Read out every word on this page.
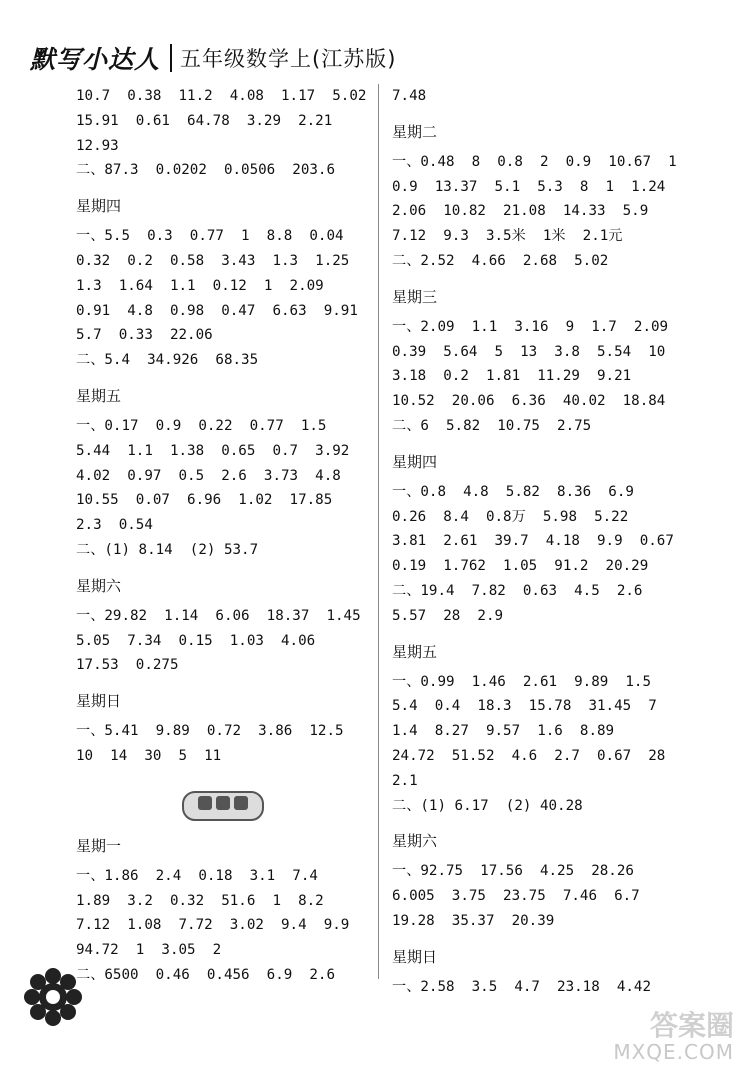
默写小达人 五年级数学上(江苏版)
10.7  0.38  11.2  4.08  1.17  5.02
15.91  0.61  64.78  3.29  2.21
12.93
二、87.3  0.0202  0.0506  203.6
星期四
一、5.5  0.3  0.77  1  8.8  0.04
0.32  0.2  0.58  3.43  1.3  1.25
1.3  1.64  1.1  0.12  1  2.09
0.91  4.8  0.98  0.47  6.63  9.91
5.7  0.33  22.06
二、5.4  34.926  68.35
星期五
一、0.17  0.9  0.22  0.77  1.5
5.44  1.1  1.38  0.65  0.7  3.92
4.02  0.97  0.5  2.6  3.73  4.8
10.55  0.07  6.96  1.02  17.85
2.3  0.54
二、(1) 8.14  (2) 53.7
星期六
一、29.82  1.14  6.06  18.37  1.45
5.05  7.34  0.15  1.03  4.06
17.53  0.275
星期日
一、5.41  9.89  0.72  3.86  12.5
10  14  30  5  11
星期一
一、1.86  2.4  0.18  3.1  7.4
1.89  3.2  0.32  51.6  1  8.2
7.12  1.08  7.72  3.02  9.4  9.9
94.72  1  3.05  2
二、6500  0.46  0.456  6.9  2.6
7.48
星期二
一、0.48  8  0.8  2  0.9  10.67  1
0.9  13.37  5.1  5.3  8  1  1.24
2.06  10.82  21.08  14.33  5.9
7.12  9.3  3.5米  1米  2.1元
二、2.52  4.66  2.68  5.02
星期三
一、2.09  1.1  3.16  9  1.7  2.09
0.39  5.64  5  13  3.8  5.54  10
3.18  0.2  1.81  11.29  9.21
10.52  20.06  6.36  40.02  18.84
二、6  5.82  10.75  2.75
星期四
一、0.8  4.8  5.82  8.36  6.9
0.26  8.4  0.8万  5.98  5.22
3.81  2.61  39.7  4.18  9.9  0.67
0.19  1.762  1.05  91.2  20.29
二、19.4  7.82  0.63  4.5  2.6
5.57  28  2.9
星期五
一、0.99  1.46  2.61  9.89  1.5
5.4  0.4  18.3  15.78  31.45  7
1.4  8.27  9.57  1.6  8.89
24.72  51.52  4.6  2.7  0.67  28
2.1
二、(1) 6.17  (2) 40.28
星期六
一、92.75  17.56  4.25  28.26
6.005  3.75  23.75  7.46  6.7
19.28  35.37  20.39
星期日
一、2.58  3.5  4.7  23.18  4.42
答案圈
MXQE.COM
